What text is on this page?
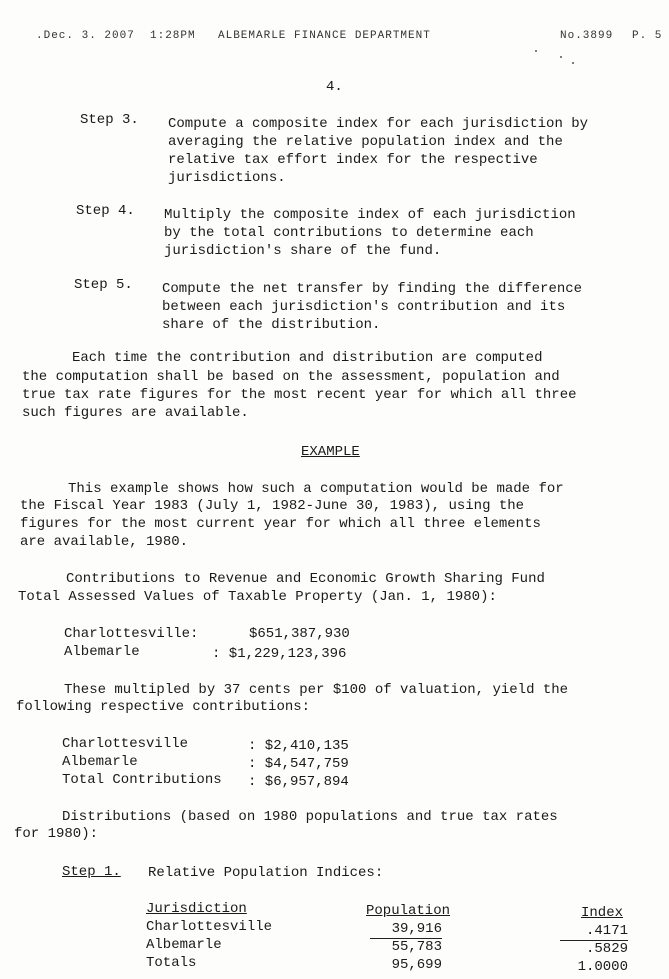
.Dec. 3. 2007 1:28PM ALBEMARLE FINANCE DEPARTMENT	No.3899 P. 5
4.
Step 3.	Compute a composite index for each jurisdiction by averaging the relative population index and the relative tax effort index for the respective jurisdictions.
Step 4.	Multiply the composite index of each jurisdiction by the total contributions to determine each jurisdiction's share of the fund.
Step 5.	Compute the net transfer by finding the difference between each jurisdiction's contribution and its share of the distribution.
Each time the contribution and distribution are computed
the computation shall be based on the assessment, population and
true tax rate figures for the most recent year for which all three
such figures are available.
EXAMPLE
This example shows how such a computation would be made for
the Fiscal Year 1983 (July 1, 1982-June 30, 1983), using the
figures for the most current year for which all three elements
are available, 1980.
Contributions to Revenue and Economic Growth Sharing Fund
Total Assessed Values of Taxable Property (Jan. 1, 1980):
Charlottesville:	$651,387,930
Albemarle	: $1,229,123,396
These multipled by 37 cents per $100 of valuation, yield the
following respective contributions:
Charlottesville	: $2,410,135
Albemarle	: $4,547,759
Total Contributions : $6,957,894
Distributions (based on 1980 populations and true tax rates
for 1980):
Step 1. Relative Population Indices:
Jurisdiction	Population	Index
Charlottesville	39,916	.4171
Albemarle	55,783	.5829
Totals	95,699	1.0000
